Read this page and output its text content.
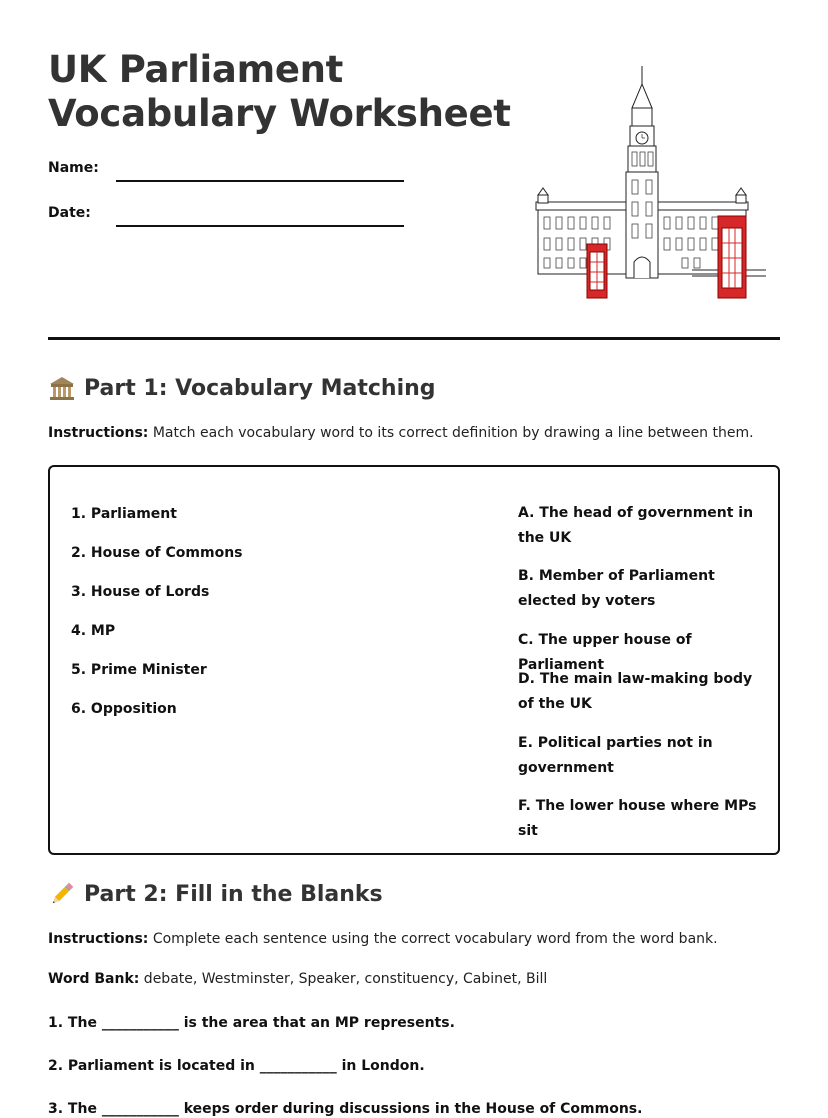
UK Parliament
Vocabulary Worksheet
Name:
Date:
Part 1: Vocabulary Matching
Instructions: Match each vocabulary word to its correct definition by drawing a line between them.
1. Parliament
2. House of Commons
3. House of Lords
4. MP
5. Prime Minister
6. Opposition
A. The head of government in the UK
B. Member of Parliament elected by voters
C. The upper house of Parliament
D. The main law-making body of the UK
E. Political parties not in government
F. The lower house where MPs sit
Part 2: Fill in the Blanks
Instructions: Complete each sentence using the correct vocabulary word from the word bank.
Word Bank: debate, Westminster, Speaker, constituency, Cabinet, Bill
1. The ___________ is the area that an MP represents.
2. Parliament is located in ___________ in London.
3. The ___________ keeps order during discussions in the House of Commons.
